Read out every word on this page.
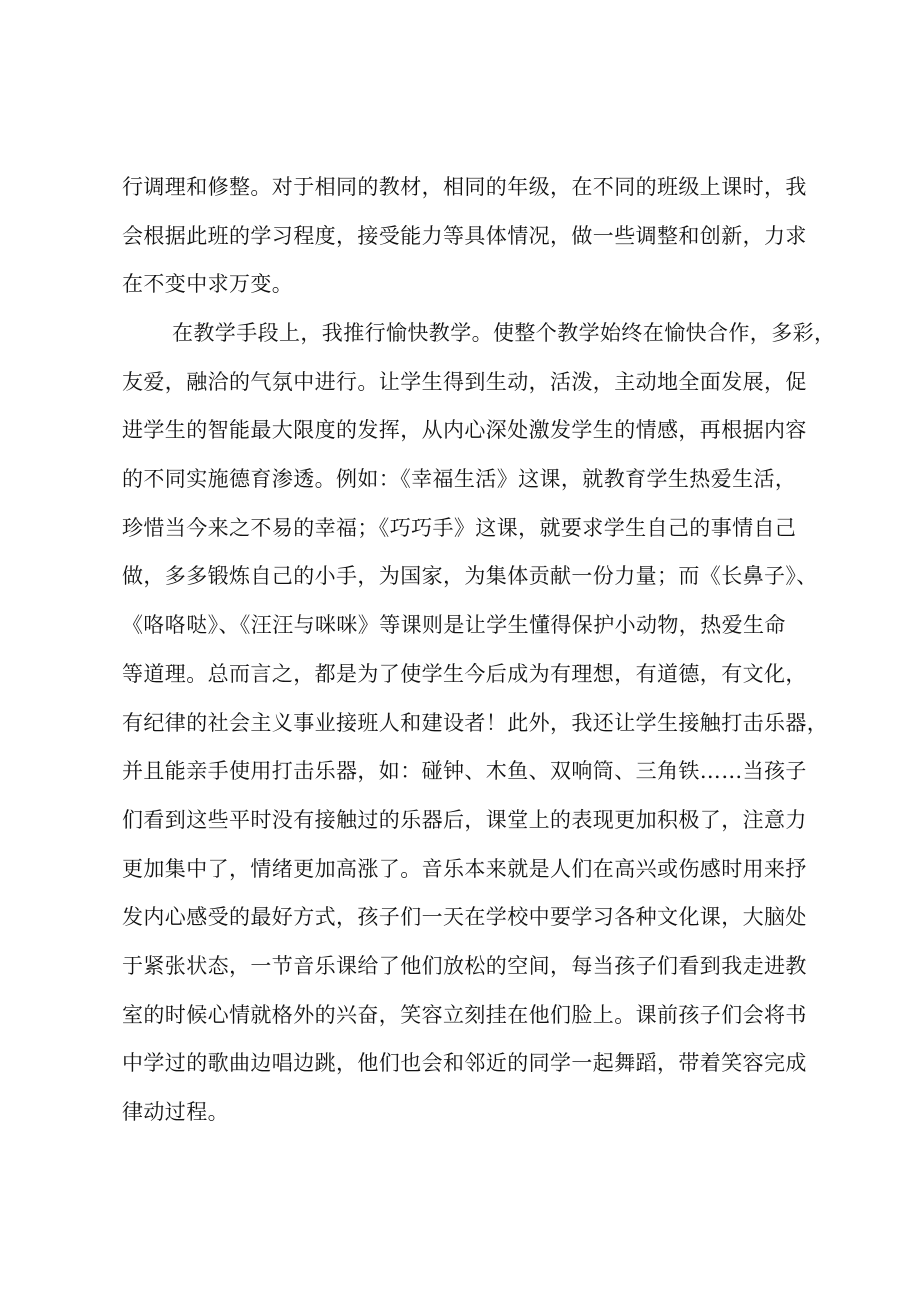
行调理和修整。对于相同的教材，相同的年级，在不同的班级上课时，我
会根据此班的学习程度，接受能力等具体情况，做一些调整和创新，力求
在不变中求万变。
在教学手段上，我推行愉快教学。使整个教学始终在愉快合作，多彩，
友爱，融洽的气氛中进行。让学生得到生动，活泼，主动地全面发展，促
进学生的智能最大限度的发挥，从内心深处激发学生的情感，再根据内容
的不同实施德育渗透。例如：《幸福生活》这课，就教育学生热爱生活，
珍惜当今来之不易的幸福；《巧巧手》这课，就要求学生自己的事情自己
做，多多锻炼自己的小手，为国家，为集体贡献一份力量；而《长鼻子》、
《咯咯哒》、《汪汪与咪咪》等课则是让学生懂得保护小动物，热爱生命
等道理。总而言之，都是为了使学生今后成为有理想，有道德，有文化，
有纪律的社会主义事业接班人和建设者！此外，我还让学生接触打击乐器，
并且能亲手使用打击乐器，如：碰钟、木鱼、双响筒、三角铁……当孩子
们看到这些平时没有接触过的乐器后，课堂上的表现更加积极了，注意力
更加集中了，情绪更加高涨了。音乐本来就是人们在高兴或伤感时用来抒
发内心感受的最好方式，孩子们一天在学校中要学习各种文化课，大脑处
于紧张状态，一节音乐课给了他们放松的空间，每当孩子们看到我走进教
室的时候心情就格外的兴奋，笑容立刻挂在他们脸上。课前孩子们会将书
中学过的歌曲边唱边跳，他们也会和邻近的同学一起舞蹈，带着笑容完成
律动过程。
